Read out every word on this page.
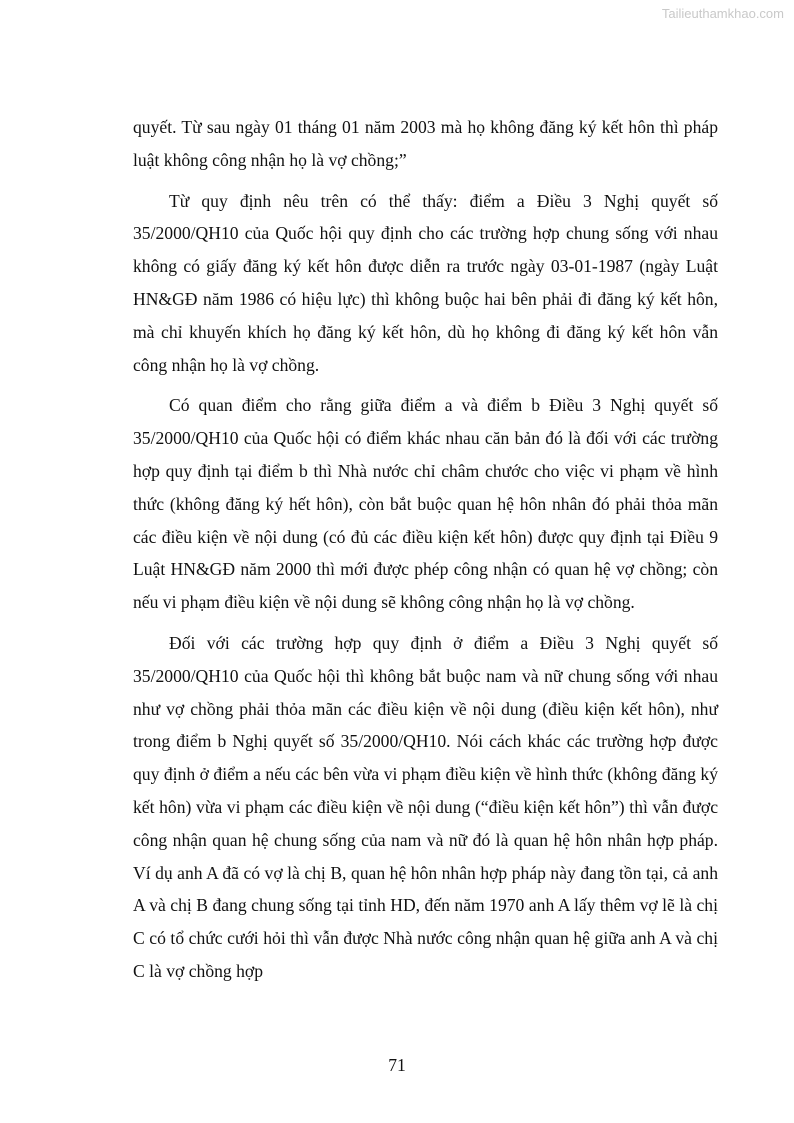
Tailieuthamkhao.com

quyết. Từ sau ngày 01 tháng 01 năm 2003 mà họ không đăng ký kết hôn thì pháp luật không công nhận họ là vợ chồng;”

Từ quy định nêu trên có thể thấy: điểm a Điều 3 Nghị quyết số 35/2000/QH10 của Quốc hội quy định cho các trường hợp chung sống với nhau không có giấy đăng ký kết hôn được diễn ra trước ngày 03-01-1987 (ngày Luật HN&GĐ năm 1986 có hiệu lực) thì không buộc hai bên phải đi đăng ký kết hôn, mà chỉ khuyến khích họ đăng ký kết hôn, dù họ không đi đăng ký kết hôn vẫn công nhận họ là vợ chồng.

Có quan điểm cho rằng giữa điểm a và điểm b Điều 3 Nghị quyết số 35/2000/QH10 của Quốc hội có điểm khác nhau căn bản đó là đối với các trường hợp quy định tại điểm b thì Nhà nước chỉ châm chước cho việc vi phạm về hình thức (không đăng ký hết hôn), còn bắt buộc quan hệ hôn nhân đó phải thỏa mãn các điều kiện về nội dung (có đủ các điều kiện kết hôn) được quy định tại Điều 9 Luật HN&GĐ năm 2000 thì mới được phép công nhận có quan hệ vợ chồng; còn nếu vi phạm điều kiện về nội dung sẽ không công nhận họ là vợ chồng.

Đối với các trường hợp quy định ở điểm a Điều 3 Nghị quyết số 35/2000/QH10 của Quốc hội thì không bắt buộc nam và nữ chung sống với nhau như vợ chồng phải thỏa mãn các điều kiện về nội dung (điều kiện kết hôn), như trong điểm b Nghị quyết số 35/2000/QH10. Nói cách khác các trường hợp được quy định ở điểm a nếu các bên vừa vi phạm điều kiện về hình thức (không đăng ký kết hôn) vừa vi phạm các điều kiện về nội dung (“điều kiện kết hôn”) thì vẫn được công nhận quan hệ chung sống của nam và nữ đó là quan hệ hôn nhân hợp pháp. Ví dụ anh A đã có vợ là chị B, quan hệ hôn nhân hợp pháp này đang tồn tại, cả anh A và chị B đang chung sống tại tỉnh HD, đến năm 1970 anh A lấy thêm vợ lẽ là chị C có tổ chức cưới hỏi thì vẫn được Nhà nước công nhận quan hệ giữa anh A và chị C là vợ chồng hợp

71
